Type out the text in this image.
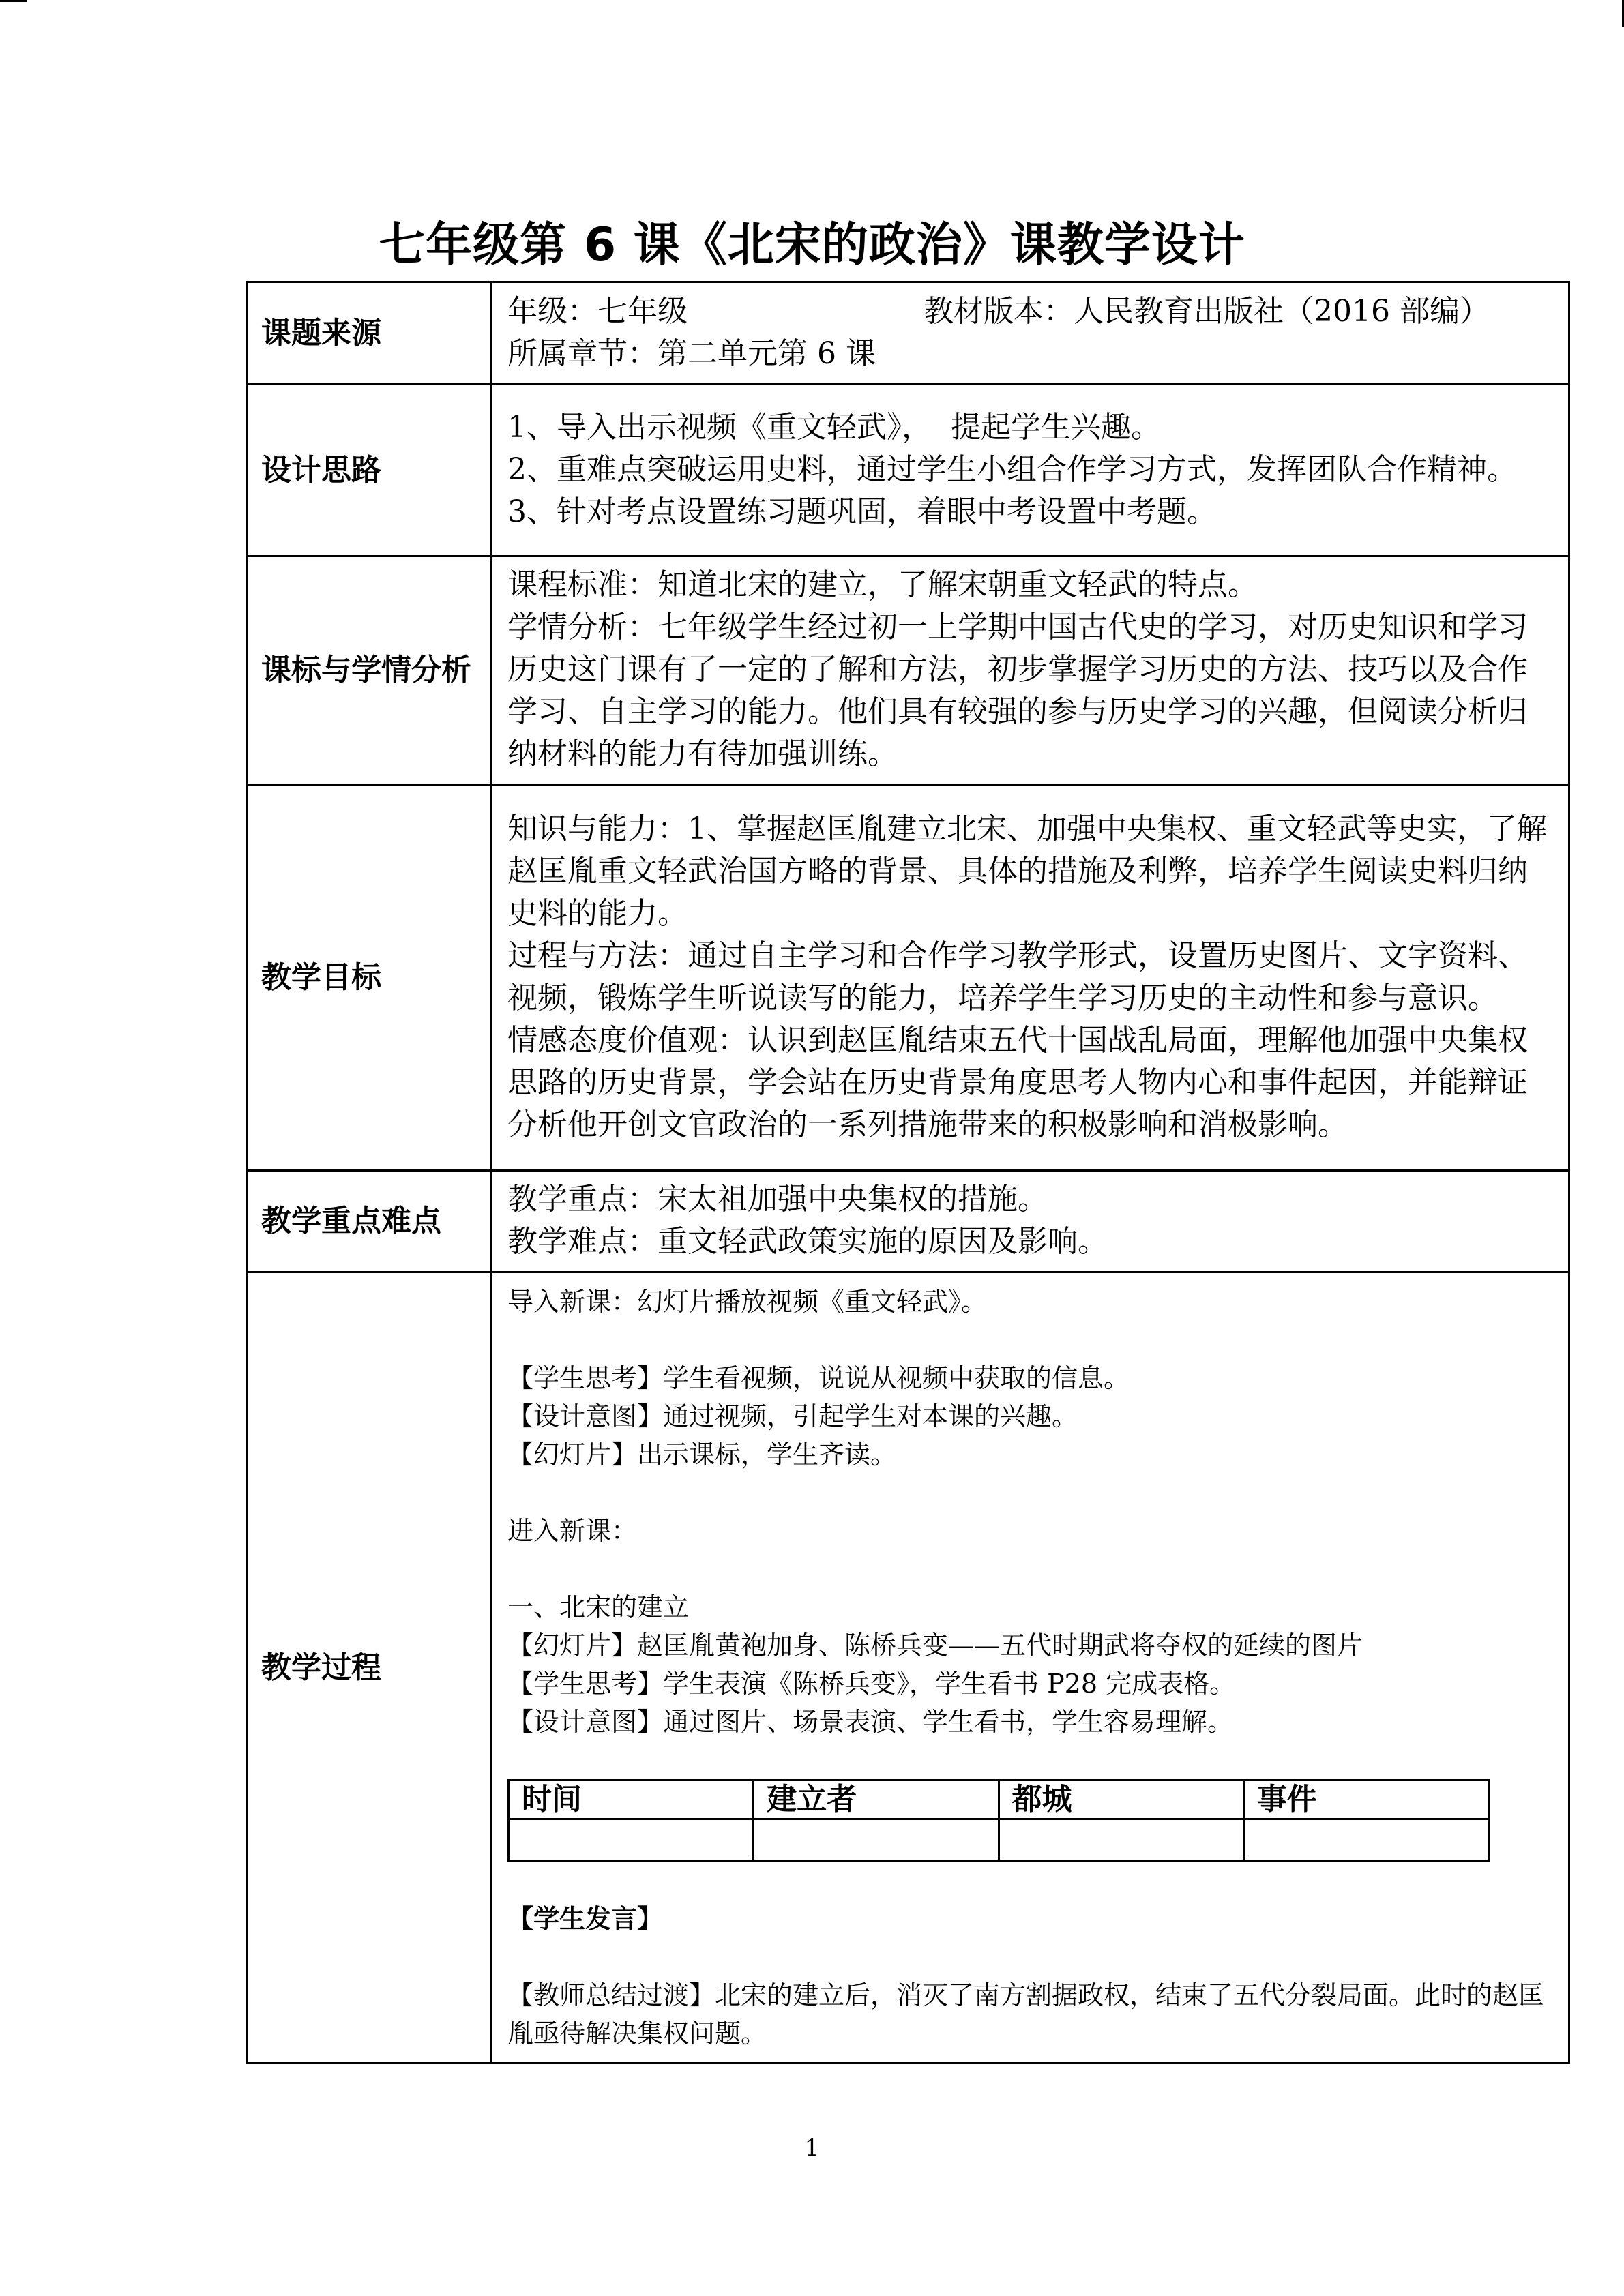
七年级第 6 课《北宋的政治》课教学设计
课题来源	
年级：七年级	教材版本：人民教育出版社（2016 部编）
所属章节：第二单元第 6 课

设计思路	
1、导入出示视频《重文轻武》，  提起学生兴趣。
2、重难点突破运用史料，通过学生小组合作学习方式，发挥团队合作精神。
3、针对考点设置练习题巩固，着眼中考设置中考题。

课标与学情分析	
课程标准：知道北宋的建立，了解宋朝重文轻武的特点。
学情分析：七年级学生经过初一上学期中国古代史的学习，对历史知识和学习历史这门课有了一定的了解和方法，初步掌握学习历史的方法、技巧以及合作学习、自主学习的能力。他们具有较强的参与历史学习的兴趣，但阅读分析归纳材料的能力有待加强训练。

教学目标	
知识与能力：1、掌握赵匡胤建立北宋、加强中央集权、重文轻武等史实，了解赵匡胤重文轻武治国方略的背景、具体的措施及利弊，培养学生阅读史料归纳史料的能力。
过程与方法：通过自主学习和合作学习教学形式，设置历史图片、文字资料、视频，锻炼学生听说读写的能力，培养学生学习历史的主动性和参与意识。
情感态度价值观：认识到赵匡胤结束五代十国战乱局面，理解他加强中央集权思路的历史背景，学会站在历史背景角度思考人物内心和事件起因，并能辩证分析他开创文官政治的一系列措施带来的积极影响和消极影响。

教学重点难点	
教学重点：宋太祖加强中央集权的措施。
教学难点：重文轻武政策实施的原因及影响。

教学过程	
导入新课：幻灯片播放视频《重文轻武》。
【学生思考】学生看视频，说说从视频中获取的信息。
【设计意图】通过视频，引起学生对本课的兴趣。
【幻灯片】出示课标，学生齐读。
进入新课：
一、北宋的建立
【幻灯片】赵匡胤黄袍加身、陈桥兵变——五代时期武将夺权的延续的图片
【学生思考】学生表演《陈桥兵变》，学生看书 P28 完成表格。
【设计意图】通过图片、场景表演、学生看书，学生容易理解。
时间	建立者	都城	事件

【学生发言】
【教师总结过渡】北宋的建立后，消灭了南方割据政权，结束了五代分裂局面。此时的赵匡胤亟待解决集权问题。
1
